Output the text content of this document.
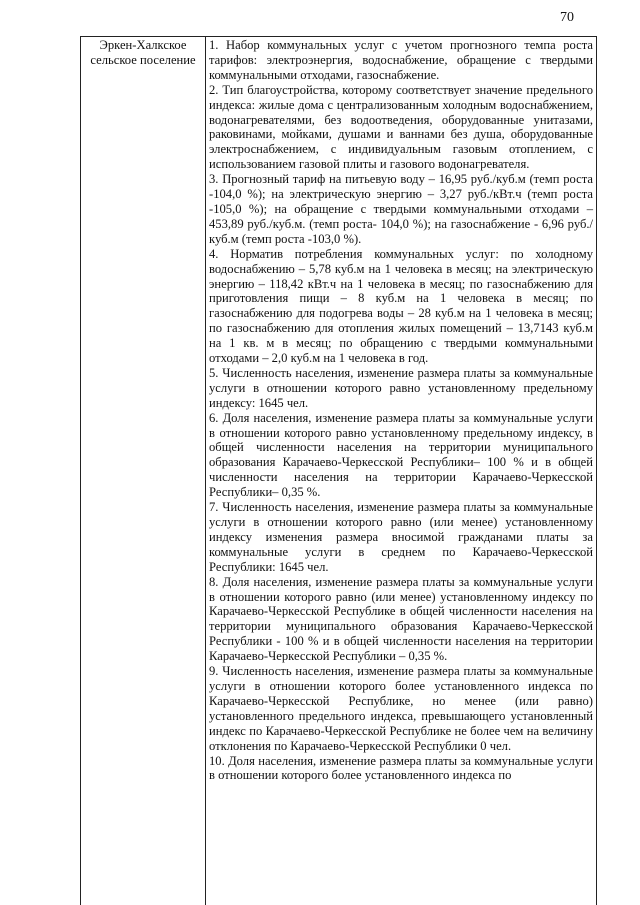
70
Эркен-Халкское сельское поселение	

1. Набор коммунальных услуг с учетом прогнозного темпа роста тарифов: электроэнергия, водоснабжение, обращение с твердыми коммунальными отходами, газоснабжение.

2. Тип благоустройства, которому соответствует значение предельного индекса: жилые дома с централизованным холодным водоснабжением, водонагревателями, без водоотведения, оборудованные унитазами, раковинами, мойками, душами и ваннами без душа, оборудованные электроснабжением, с индивидуальным газовым отоплением, с использованием газовой плиты и газового водонагревателя.

3. Прогнозный тариф на питьевую воду – 16,95 руб./куб.м (темп роста -104,0 %); на электрическую энергию – 3,27 руб./кВт.ч (темп роста -105,0 %); на обращение с твердыми коммунальными отходами – 453,89 руб./куб.м. (темп роста- 104,0 %); на газоснабжение - 6,96 руб./куб.м (темп роста -103,0 %).

4. Норматив потребления коммунальных услуг: по холодному водоснабжению – 5,78 куб.м на 1 человека в месяц; на электрическую энергию – 118,42 кВт.ч на 1 человека в месяц; по газоснабжению для приготовления пищи – 8 куб.м на 1 человека в месяц; по газоснабжению для подогрева воды – 28 куб.м на 1 человека в месяц; по газоснабжению для отопления жилых помещений – 13,7143 куб.м на 1 кв. м в месяц; по обращению с твердыми коммунальными отходами – 2,0 куб.м на 1 человека в год.

5. Численность населения, изменение размера платы за коммунальные услуги в отношении которого равно установленному предельному индексу: 1645 чел.

6. Доля населения, изменение размера платы за коммунальные услуги в отношении которого равно установленному предельному индексу, в общей численности населения на территории муниципального образования Карачаево-Черкесской Республики– 100 % и в общей численности населения на территории Карачаево-Черкесской Республики– 0,35 %.

7. Численность населения, изменение размера платы за коммунальные услуги в отношении которого равно (или менее) установленному индексу изменения размера вносимой гражданами платы за коммунальные услуги в среднем по Карачаево-Черкесской Республики: 1645 чел.

8. Доля населения, изменение размера платы за коммунальные услуги в отношении которого равно (или менее) установленному индексу по Карачаево-Черкесской Республике в общей численности населения на территории муниципального образования Карачаево-Черкесской Республики - 100 % и в общей численности населения на территории Карачаево-Черкесской Республики – 0,35 %.

9. Численность населения, изменение размера платы за коммунальные услуги в отношении которого более установленного индекса по Карачаево-Черкесской Республике, но менее (или равно) установленного предельного индекса, превышающего установленный индекс по Карачаево-Черкесской Республике не более чем на величину отклонения по Карачаево-Черкесской Республики 0 чел.

10. Доля населения, изменение размера платы за коммунальные услуги в отношении которого более установленного индекса по
